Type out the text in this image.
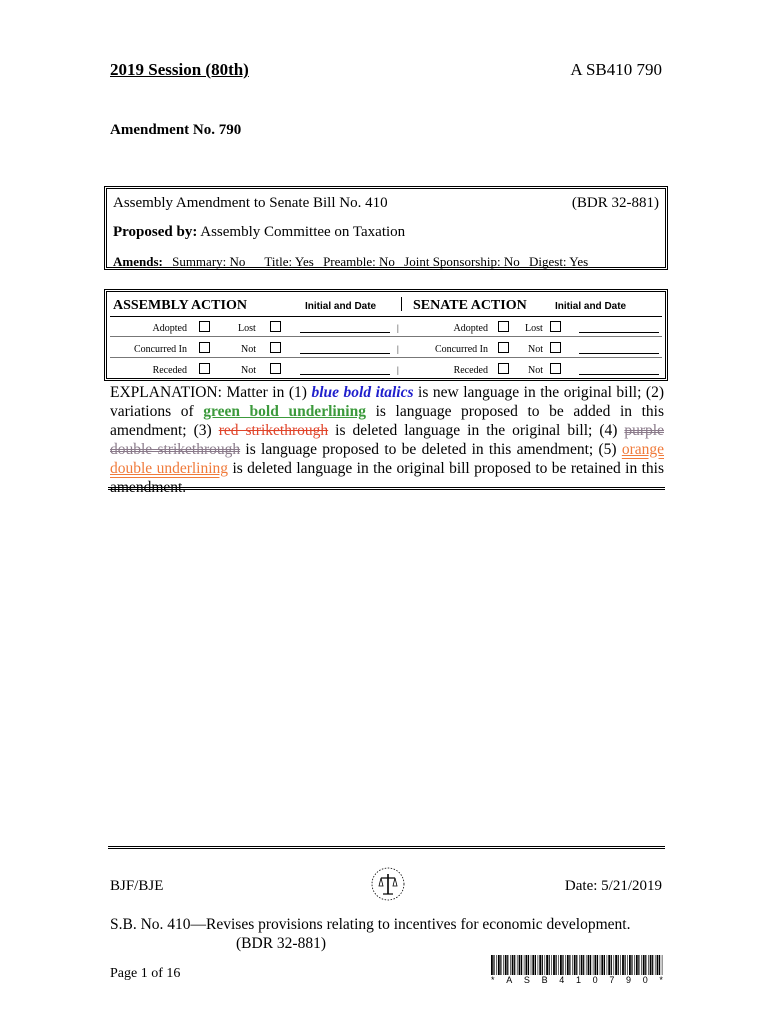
2019 Session (80th)	A SB410 790
Amendment No. 790
Assembly Amendment to Senate Bill No. 410	(BDR 32-881)
Proposed by: Assembly Committee on Taxation
Amends: Summary: No Title: Yes Preamble: No Joint Sponsorship: No Digest: Yes
ASSEMBLY ACTION	Initial and Date	SENATE ACTION	Initial and Date
Adopted	Lost	|	Adopted	Lost
Concurred In	Not	|	Concurred In	Not
Receded	Not	|	Receded	Not
EXPLANATION: Matter in (1) blue bold italics is new language in the original bill; (2) variations of green bold underlining is language proposed to be added in this amendment; (3) red strikethrough is deleted language in the original bill; (4) purple double strikethrough is language proposed to be deleted in this amendment; (5) orange double underlining is deleted language in the original bill proposed to be retained in this amendment.
BJF/BJE	Date: 5/21/2019
S.B. No. 410—Revises provisions relating to incentives for economic development.
(BDR 32-881)
Page 1 of 16	* A S B 4 1 0 7 9 0 *
